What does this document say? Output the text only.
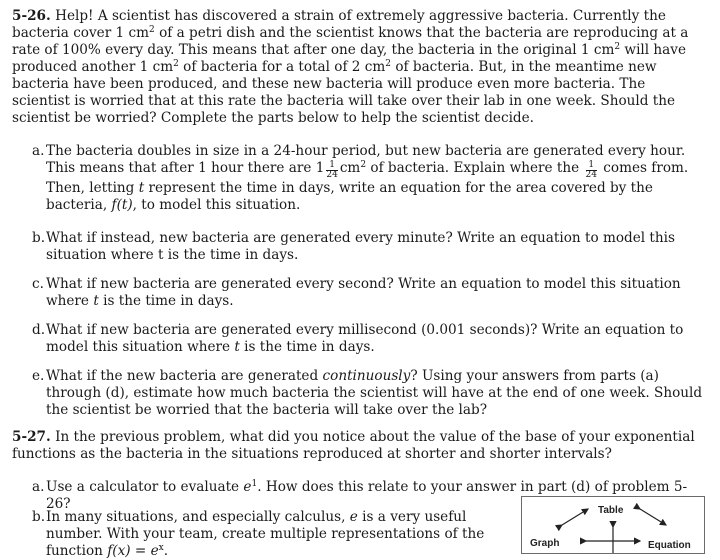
5-26. Help! A scientist has discovered a strain of extremely aggressive bacteria. Currently the bacteria cover 1 $cm^2$ of a petri dish and the scientist knows that the bacteria are reproducing at a rate of 100% every day. This means that after one day, the bacteria in the original 1 $cm^2$ will have produced another 1 $cm^2$ of bacteria for a total of 2 $cm^2$ of bacteria. But, in the meantime new bacteria have been produced, and these new bacteria will produce even more bacteria. The scientist is worried that at this rate the bacteria will take over their lab in one week. Should the scientist be worried? Complete the parts below to help the scientist decide.
a. The bacteria doubles in size in a 24-hour period, but new bacteria are generated every hour. This means that after 1 hour there are $1 \frac{1}{24} cm^2$ of bacteria. Explain where the $\frac{1}{24}$ comes from. Then, letting t represent the time in days, write an equation for the area covered by the bacteria, f(t), to model this situation.
b. What if instead, new bacteria are generated every minute? Write an equation to model this situation where t is the time in days.
c. What if new bacteria are generated every second? Write an equation to model this situation where t is the time in days.
d. What if new bacteria are generated every millisecond (0.001 seconds)? Write an equation to model this situation where t is the time in days.
e. What if the new bacteria are generated continuously? Using your answers from parts (a) through (d), estimate how much bacteria the scientist will have at the end of one week. Should the scientist be worried that the bacteria will take over the lab?
5-27. In the previous problem, what did you notice about the value of the base of your exponential functions as the bacteria in the situations reproduced at shorter and shorter intervals?
a. Use a calculator to evaluate $e^1$. How does this relate to your answer in part (d) of problem 5-26?
b. In many situations, and especially calculus, e is a very useful number. With your team, create multiple representations of the function $f(x) = e^x$.
Table
Graph	Equation
